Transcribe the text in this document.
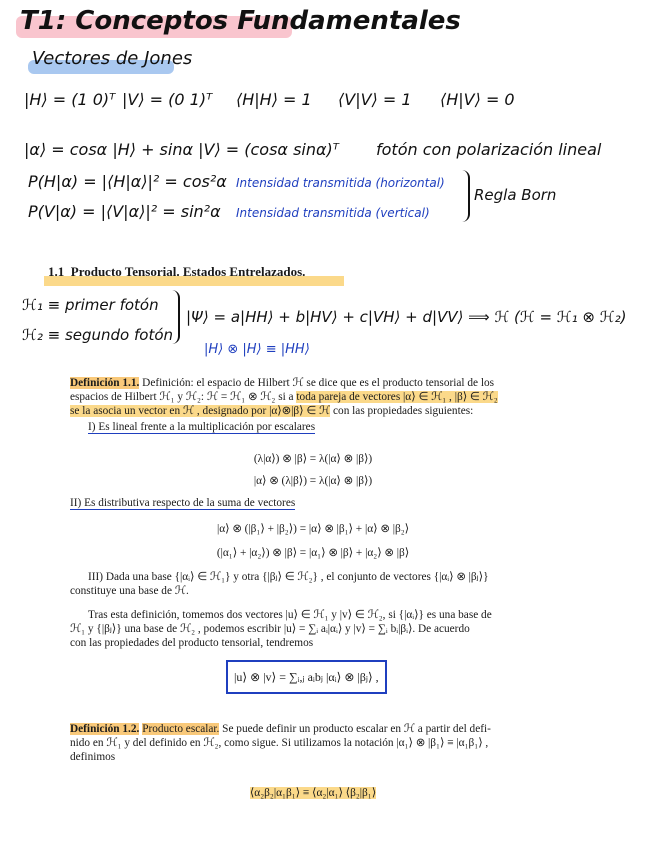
T1: Conceptos Fundamentales
Vectores de Jones
|H⟩ = (1 0)ᵀ |V⟩ = (0 1)ᵀ ⟨H|H⟩ = 1 ⟨V|V⟩ = 1 ⟨H|V⟩ = 0
|α⟩ = cosα |H⟩ + sinα |V⟩ = (cosα sinα)ᵀ fotón con polarización lineal
P(H|α) = |⟨H|α⟩|² = cos²α Intensidad transmitida (horizontal)
P(V|α) = |⟨V|α⟩|² = sin²α Intensidad transmitida (vertical)
Regla Born
1.1 Producto Tensorial. Estados Entrelazados.
ℋ₁ ≡ primer fotón
ℋ₂ ≡ segundo fotón
|Ψ⟩ = a|HH⟩ + b|HV⟩ + c|VH⟩ + d|VV⟩ ⟹ ℋ (ℋ = ℋ₁ ⊗ ℋ₂)
|H⟩ ⊗ |H⟩ ≡ |HH⟩
Definición 1.1. Definición: el espacio de Hilbert ℋ se dice que es el producto tensorial de los
espacios de Hilbert ℋ₁ y ℋ₂: ℋ = ℋ₁ ⊗ ℋ₂ si a toda pareja de vectores |α⟩ ∈ ℋ₁ , |β⟩ ∈ ℋ₂
se la asocia un vector en ℋ , designado por |α⟩⊗|β⟩ ∈ ℋ con las propiedades siguientes:
I) Es lineal frente a la multiplicación por escalares
(λ|α⟩) ⊗ |β⟩ = λ(|α⟩ ⊗ |β⟩)
|α⟩ ⊗ (λ|β⟩) = λ(|α⟩ ⊗ |β⟩)
II) Es distributiva respecto de la suma de vectores
|α⟩ ⊗ (|β₁⟩ + |β₂⟩) = |α⟩ ⊗ |β₁⟩ + |α⟩ ⊗ |β₂⟩
(|α₁⟩ + |α₂⟩) ⊗ |β⟩ = |α₁⟩ ⊗ |β⟩ + |α₂⟩ ⊗ |β⟩
III) Dada una base {|αᵢ⟩ ∈ ℋ₁} y otra {|βⱼ⟩ ∈ ℋ₂} , el conjunto de vectores {|αᵢ⟩ ⊗ |βⱼ⟩}
constituye una base de ℋ.
Tras esta definición, tomemos dos vectores |u⟩ ∈ ℋ₁ y |v⟩ ∈ ℋ₂, si {|αᵢ⟩} es una base de
ℋ₁ y {|βⱼ⟩} una base de ℋ₂ , podemos escribir |u⟩ = ∑ᵢ aᵢ|αᵢ⟩ y |v⟩ = ∑ᵢ bᵢ|βᵢ⟩. De acuerdo
con las propiedades del producto tensorial, tendremos
|u⟩ ⊗ |v⟩ = ∑ᵢ,ⱼ aᵢbⱼ |αᵢ⟩ ⊗ |βⱼ⟩ ,
Definición 1.2. Producto escalar. Se puede definir un producto escalar en ℋ a partir del defi-
nido en ℋ₁ y del definido en ℋ₂, como sigue. Si utilizamos la notación |α₁⟩ ⊗ |β₁⟩ ≡ |α₁β₁⟩ ,
definimos
⟨α₂β₂|α₁β₁⟩ ≡ ⟨α₂|α₁⟩ ⟨β₂|β₁⟩
